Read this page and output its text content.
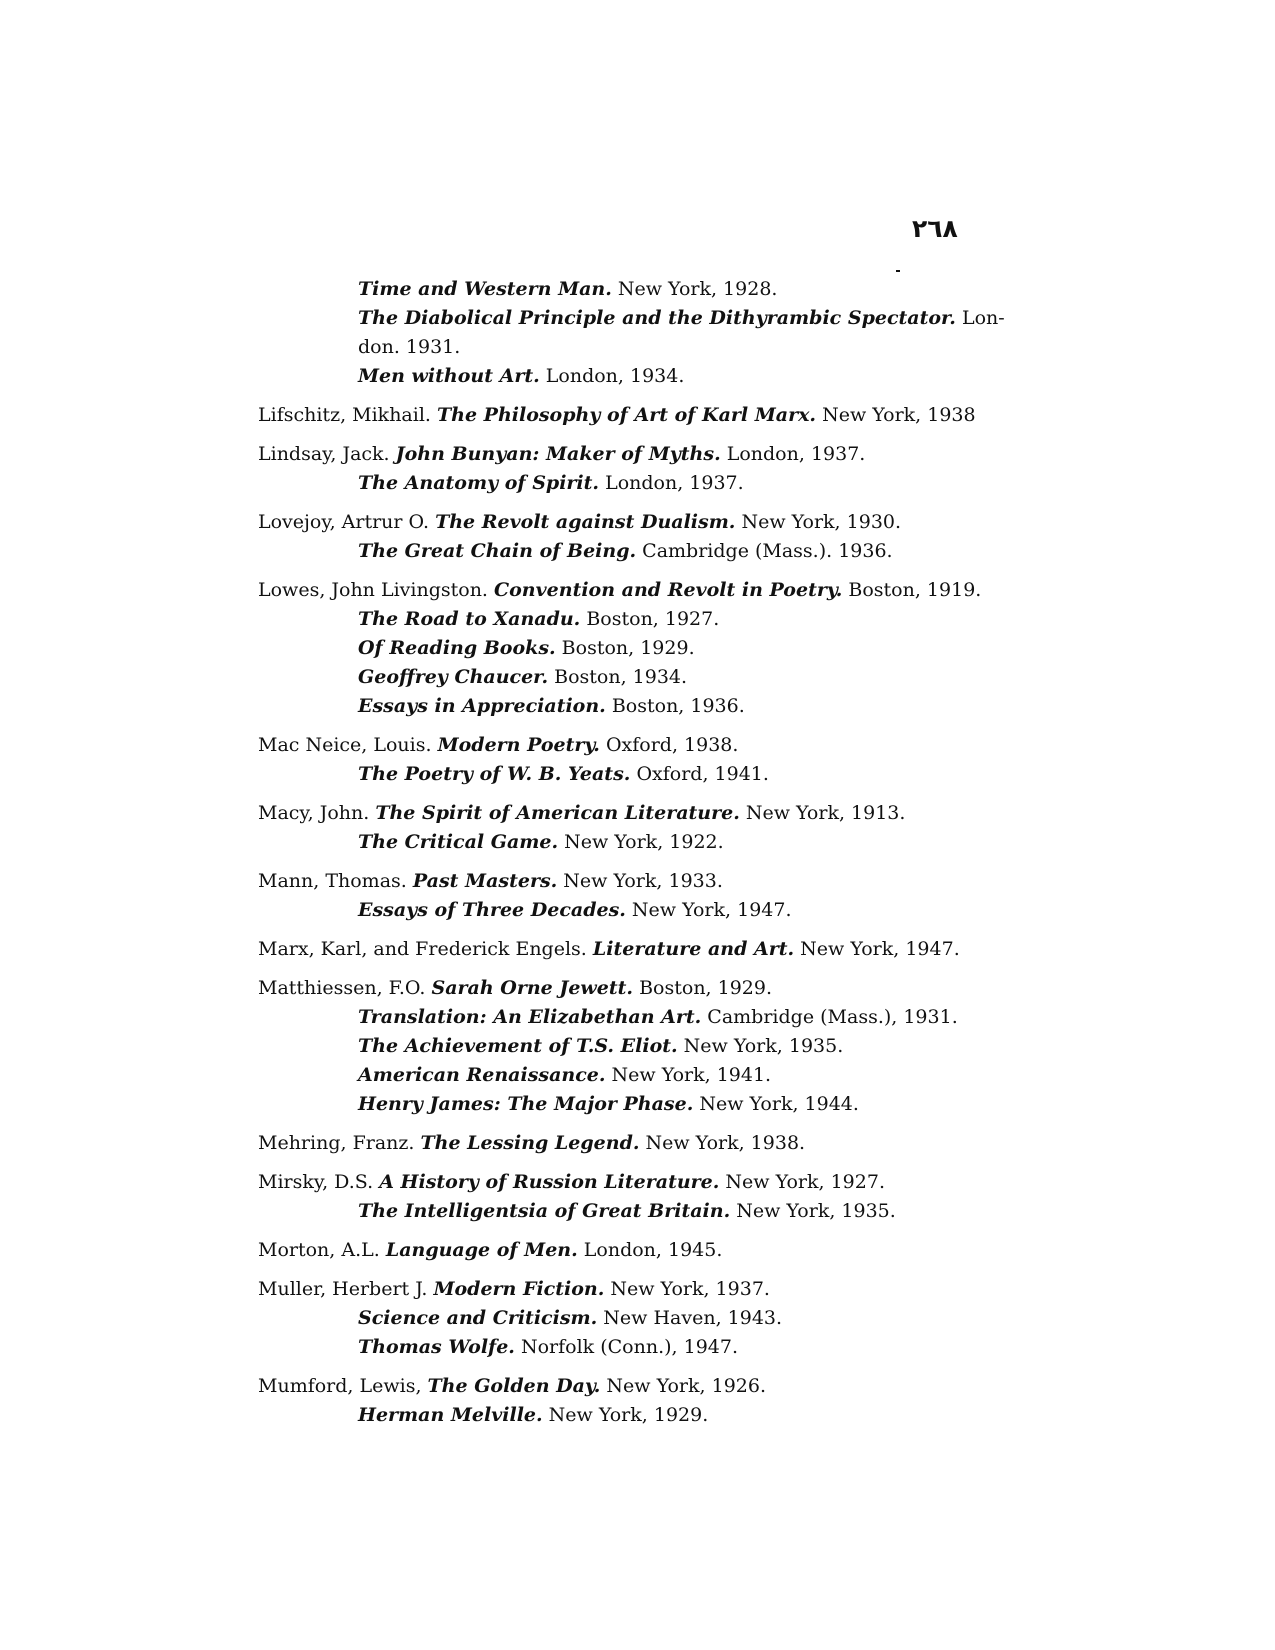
٢٦٨
Time and Western Man. New York, 1928.
The Diabolical Principle and the Dithyrambic Spectator. Lon-
don. 1931.
Men without Art. London, 1934.
Lifschitz, Mikhail. The Philosophy of Art of Karl Marx. New York, 1938
Lindsay, Jack. John Bunyan: Maker of Myths. London, 1937.
The Anatomy of Spirit. London, 1937.
Lovejoy, Artrur O. The Revolt against Dualism. New York, 1930.
The Great Chain of Being. Cambridge (Mass.). 1936.
Lowes, John Livingston. Convention and Revolt in Poetry. Boston, 1919.
The Road to Xanadu. Boston, 1927.
Of Reading Books. Boston, 1929.
Geoffrey Chaucer. Boston, 1934.
Essays in Appreciation. Boston, 1936.
Mac Neice, Louis. Modern Poetry. Oxford, 1938.
The Poetry of W. B. Yeats. Oxford, 1941.
Macy, John. The Spirit of American Literature. New York, 1913.
The Critical Game. New York, 1922.
Mann, Thomas. Past Masters. New York, 1933.
Essays of Three Decades. New York, 1947.
Marx, Karl, and Frederick Engels. Literature and Art. New York, 1947.
Matthiessen, F.O. Sarah Orne Jewett. Boston, 1929.
Translation: An Elizabethan Art. Cambridge (Mass.), 1931.
The Achievement of T.S. Eliot. New York, 1935.
American Renaissance. New York, 1941.
Henry James: The Major Phase. New York, 1944.
Mehring, Franz. The Lessing Legend. New York, 1938.
Mirsky, D.S. A History of Russion Literature. New York, 1927.
The Intelligentsia of Great Britain. New York, 1935.
Morton, A.L. Language of Men. London, 1945.
Muller, Herbert J. Modern Fiction. New York, 1937.
Science and Criticism. New Haven, 1943.
Thomas Wolfe. Norfolk (Conn.), 1947.
Mumford, Lewis, The Golden Day. New York, 1926.
Herman Melville. New York, 1929.
